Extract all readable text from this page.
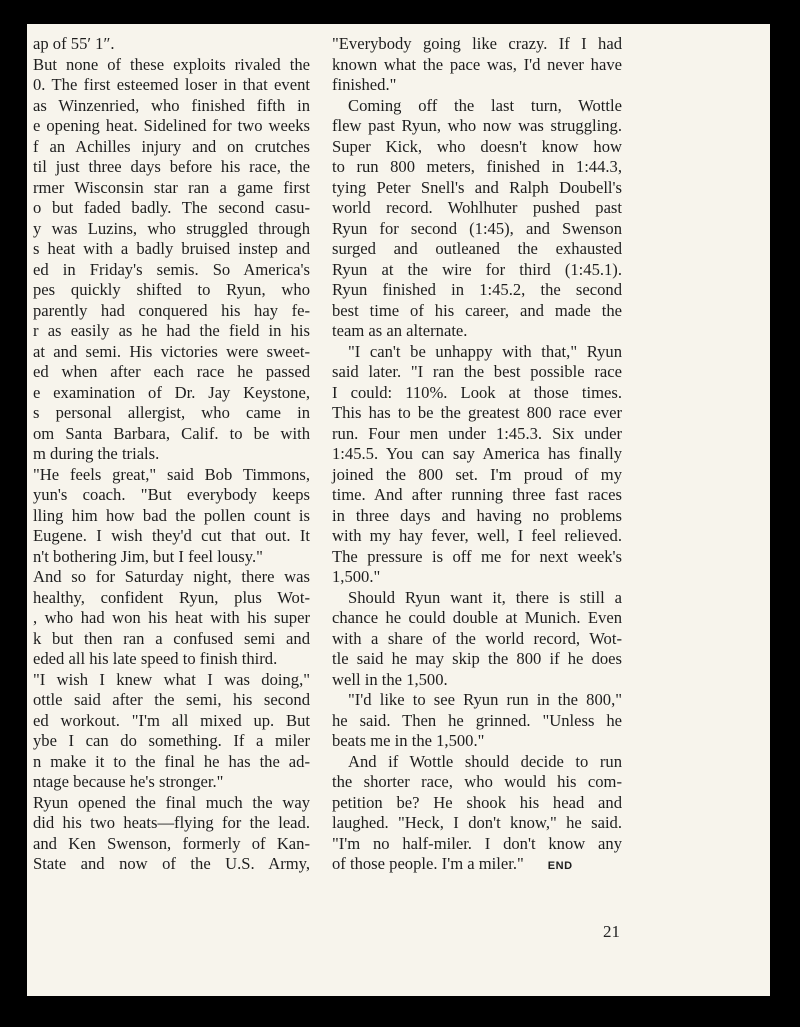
ap of 55′ 1″.
But none of these exploits rivaled the
0. The first esteemed loser in that event
as Winzenried, who finished fifth in
e opening heat. Sidelined for two weeks
f an Achilles injury and on crutches
til just three days before his race, the
rmer Wisconsin star ran a game first
o but faded badly. The second casu-
y was Luzins, who struggled through
s heat with a badly bruised instep and
ed in Friday's semis. So America's
pes quickly shifted to Ryun, who
parently had conquered his hay fe-
r as easily as he had the field in his
at and semi. His victories were sweet-
ed when after each race he passed
e examination of Dr. Jay Keystone,
s personal allergist, who came in
om Santa Barbara, Calif. to be with
m during the trials.
"He feels great," said Bob Timmons,
yun's coach. "But everybody keeps
lling him how bad the pollen count is
Eugene. I wish they'd cut that out. It
n't bothering Jim, but I feel lousy."
And so for Saturday night, there was
healthy, confident Ryun, plus Wot-
, who had won his heat with his super
k but then ran a confused semi and
eded all his late speed to finish third.
"I wish I knew what I was doing,"
ottle said after the semi, his second
ed workout. "I'm all mixed up. But
ybe I can do something. If a miler
n make it to the final he has the ad-
ntage because he's stronger."
Ryun opened the final much the way
did his two heats—flying for the lead.
and Ken Swenson, formerly of Kan-
State and now of the U.S. Army,
"Everybody going like crazy. If I had
known what the pace was, I'd never have
finished."
Coming off the last turn, Wottle
flew past Ryun, who now was struggling.
Super Kick, who doesn't know how
to run 800 meters, finished in 1:44.3,
tying Peter Snell's and Ralph Doubell's
world record. Wohlhuter pushed past
Ryun for second (1:45), and Swenson
surged and outleaned the exhausted
Ryun at the wire for third (1:45.1).
Ryun finished in 1:45.2, the second
best time of his career, and made the
team as an alternate.
"I can't be unhappy with that," Ryun
said later. "I ran the best possible race
I could: 110%. Look at those times.
This has to be the greatest 800 race ever
run. Four men under 1:45.3. Six under
1:45.5. You can say America has finally
joined the 800 set. I'm proud of my
time. And after running three fast races
in three days and having no problems
with my hay fever, well, I feel relieved.
The pressure is off me for next week's
1,500."
Should Ryun want it, there is still a
chance he could double at Munich. Even
with a share of the world record, Wot-
tle said he may skip the 800 if he does
well in the 1,500.
"I'd like to see Ryun run in the 800,"
he said. Then he grinned. "Unless he
beats me in the 1,500."
And if Wottle should decide to run
the shorter race, who would his com-
petition be? He shook his head and
laughed. "Heck, I don't know," he said.
"I'm no half-miler. I don't know any
of those people. I'm a miler." END
21
